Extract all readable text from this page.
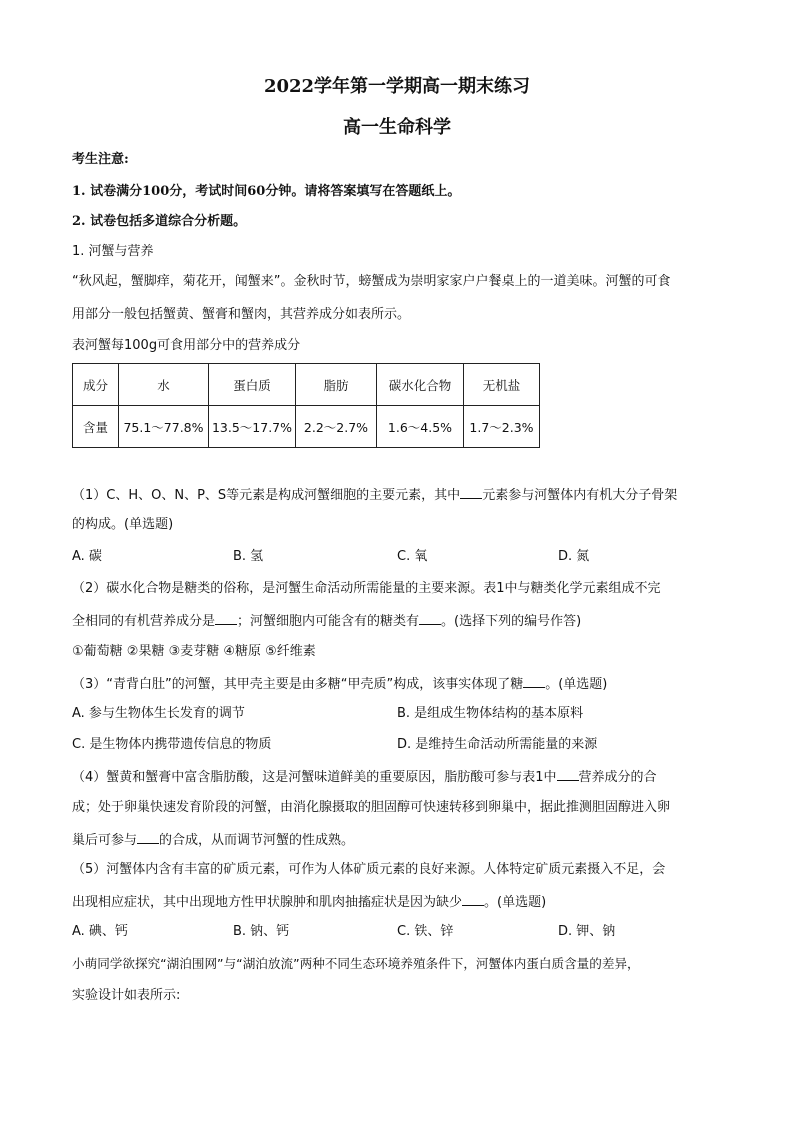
2022学年第一学期高一期末练习
高一生命科学
考生注意:
1. 试卷满分100分，考试时间60分钟。请将答案填写在答题纸上。
2. 试卷包括多道综合分析题。
1. 河蟹与营养
“秋风起，蟹脚痒，菊花开，闻蟹来”。金秋时节，螃蟹成为崇明家家户户餐桌上的一道美味。河蟹的可食
用部分一般包括蟹黄、蟹膏和蟹肉，其营养成分如表所示。
表河蟹每100g可食用部分中的营养成分
成分	水	蛋白质	脂肪	碳水化合物	无机盐
含量	75.1～77.8%	13.5～17.7%	2.2～2.7%	1.6～4.5%	1.7～2.3%
（1）C、H、O、N、P、S等元素是构成河蟹细胞的主要元素，其中 元素参与河蟹体内有机大分子骨架
的构成。(单选题)
A. 碳	B. 氢	C. 氧	D. 氮
（2）碳水化合物是糖类的俗称，是河蟹生命活动所需能量的主要来源。表1中与糖类化学元素组成不完
全相同的有机营养成分是 ；河蟹细胞内可能含有的糖类有 。(选择下列的编号作答)
①葡萄糖 ②果糖 ③麦芽糖 ④糖原 ⑤纤维素
（3）“青背白肚”的河蟹，其甲壳主要是由多糖“甲壳质”构成，该事实体现了糖 。(单选题)
A. 参与生物体生长发育的调节	B. 是组成生物体结构的基本原料
C. 是生物体内携带遗传信息的物质	D. 是维持生命活动所需能量的来源
（4）蟹黄和蟹膏中富含脂肪酸，这是河蟹味道鲜美的重要原因，脂肪酸可参与表1中 营养成分的合
成；处于卵巢快速发育阶段的河蟹，由消化腺摄取的胆固醇可快速转移到卵巢中，据此推测胆固醇进入卵
巢后可参与 的合成，从而调节河蟹的性成熟。
（5）河蟹体内含有丰富的矿质元素，可作为人体矿质元素的良好来源。人体特定矿质元素摄入不足，会
出现相应症状，其中出现地方性甲状腺肿和肌肉抽搐症状是因为缺少 。(单选题)
A. 碘、钙	B. 钠、钙	C. 铁、锌	D. 钾、钠
小萌同学欲探究“湖泊围网”与“湖泊放流”两种不同生态环境养殖条件下，河蟹体内蛋白质含量的差异，
实验设计如表所示:
